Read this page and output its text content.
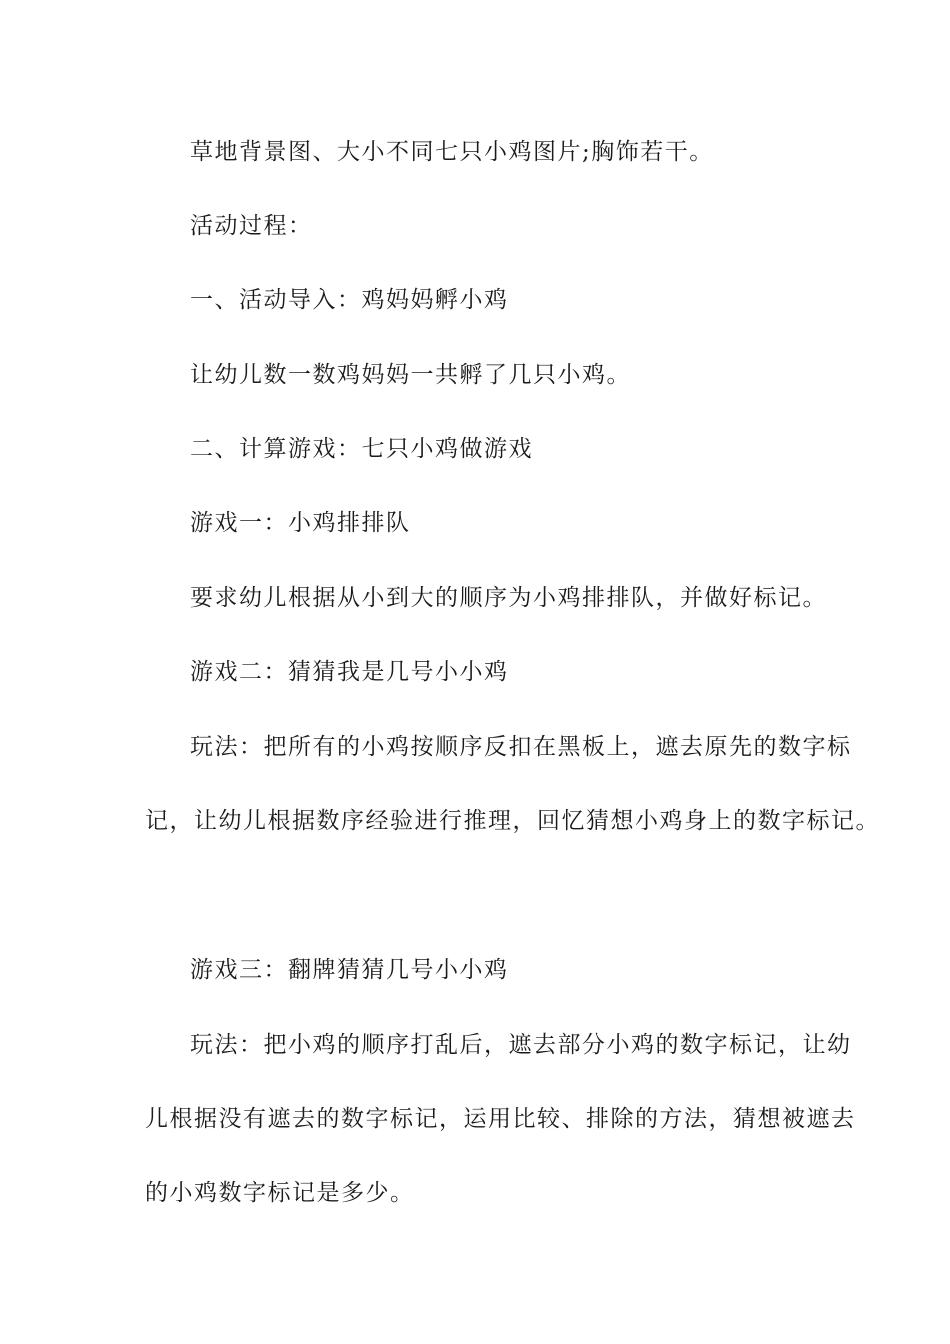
草地背景图、大小不同七只小鸡图片;胸饰若干。
活动过程：
一、活动导入：鸡妈妈孵小鸡
让幼儿数一数鸡妈妈一共孵了几只小鸡。
二、计算游戏：七只小鸡做游戏
游戏一：小鸡排排队
要求幼儿根据从小到大的顺序为小鸡排排队，并做好标记。
游戏二：猜猜我是几号小小鸡
玩法：把所有的小鸡按顺序反扣在黑板上，遮去原先的数字标
记，让幼儿根据数序经验进行推理，回忆猜想小鸡身上的数字标记。
游戏三：翻牌猜猜几号小小鸡
玩法：把小鸡的顺序打乱后，遮去部分小鸡的数字标记，让幼
儿根据没有遮去的数字标记，运用比较、排除的方法，猜想被遮去
的小鸡数字标记是多少。
